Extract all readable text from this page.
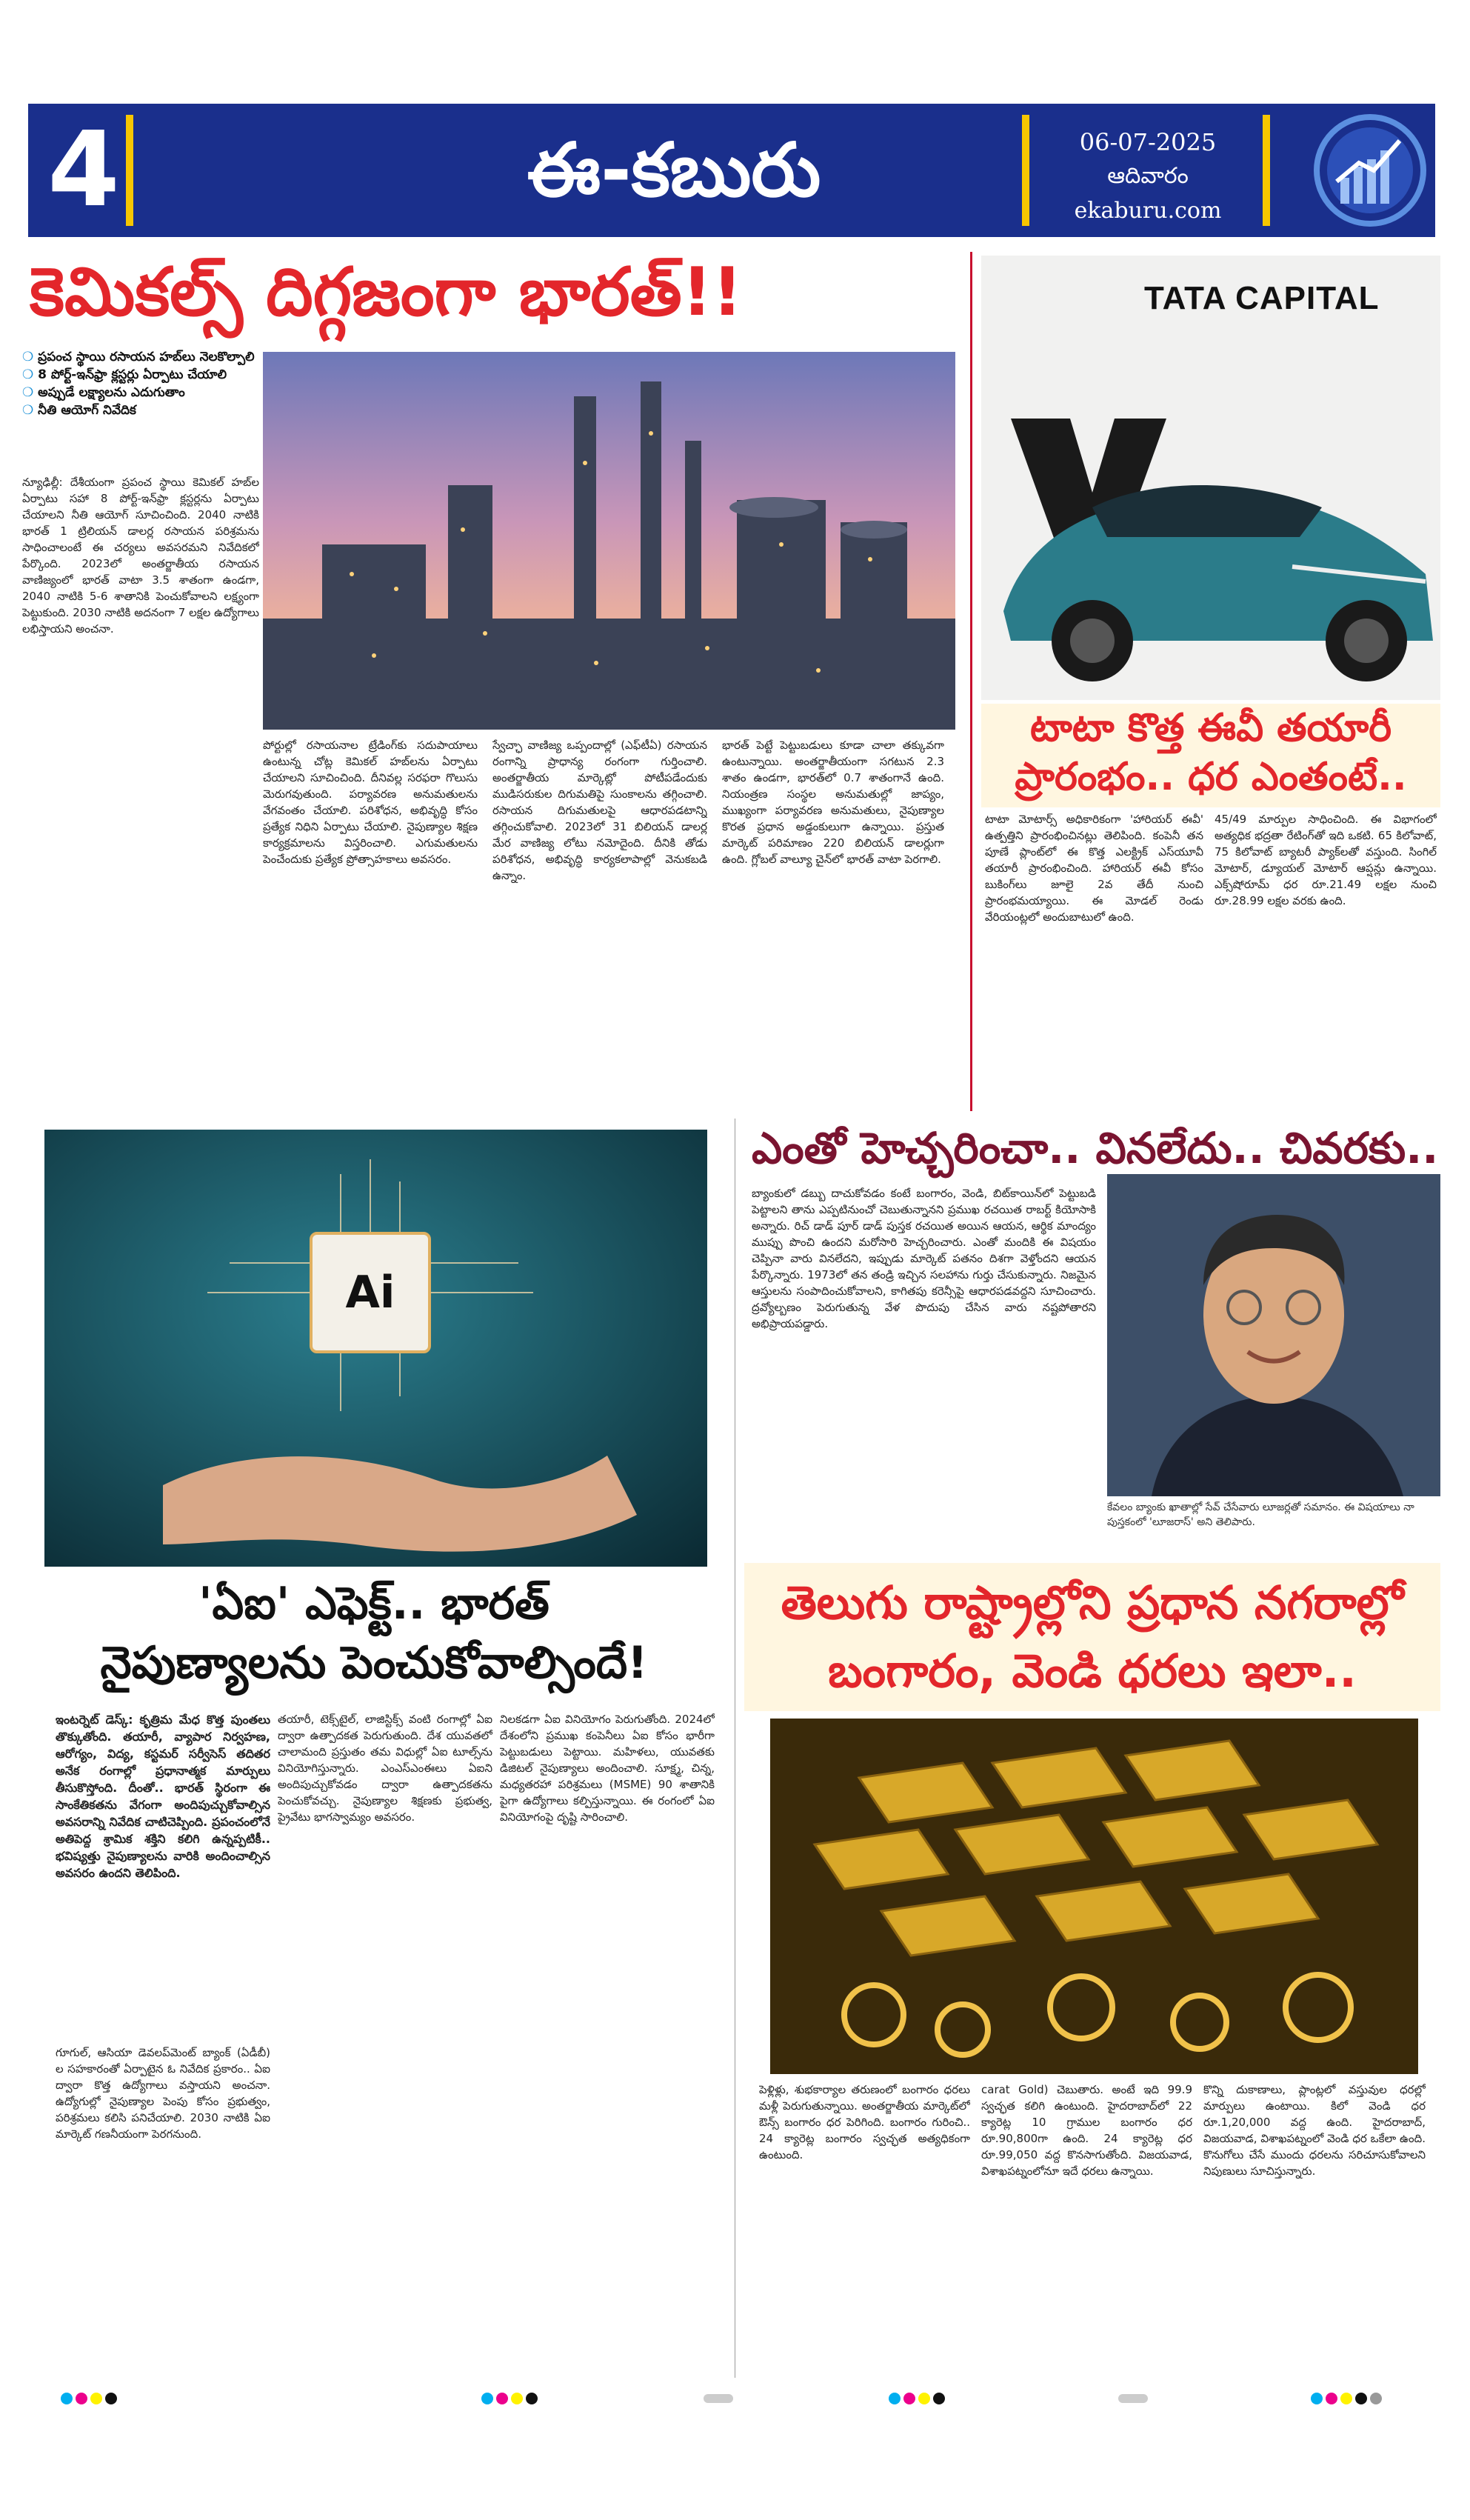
4	ఈ-కబురు	06-07-2025
ఆదివారం
ekaburu.com
కెమికల్స్ దిగ్గజంగా భారత్!!
❍ ప్రపంచ స్థాయి రసాయన హబ్‌లు నెలకొల్పాలి
❍ 8 పోర్ట్-ఇన్‌ఫ్రా క్లస్టర్లు ఏర్పాటు చేయాలి
❍ అప్పుడే లక్ష్యాలను ఎదుగుతాం
❍ నీతి ఆయోగ్ నివేదిక
న్యూఢిల్లీ: దేశీయంగా ప్రపంచ స్థాయి కెమికల్ హబ్‌ల ఏర్పాటు సహా 8 పోర్ట్-ఇన్‌ఫ్రా క్లస్టర్లను ఏర్పాటు చేయాలని నీతి ఆయోగ్ సూచించింది. 2040 నాటికి భారత్ 1 ట్రిలియన్ డాలర్ల రసాయన పరిశ్రమను సాధించాలంటే ఈ చర్యలు అవసరమని నివేదికలో పేర్కొంది. 2023లో అంతర్జాతీయ రసాయన వాణిజ్యంలో భారత్ వాటా 3.5 శాతంగా ఉండగా, 2040 నాటికి 5-6 శాతానికి పెంచుకోవాలని లక్ష్యంగా పెట్టుకుంది. 2030 నాటికి అదనంగా 7 లక్షల ఉద్యోగాలు లభిస్తాయని అంచనా.
పోర్టుల్లో రసాయనాల ట్రేడింగ్‌కు సదుపాయాలు ఉంటున్న చోట్ల కెమికల్ హబ్‌లను ఏర్పాటు చేయాలని సూచించింది. దీనివల్ల సరఫరా గొలుసు మెరుగవుతుంది. పర్యావరణ అనుమతులను వేగవంతం చేయాలి. పరిశోధన, అభివృద్ధి కోసం ప్రత్యేక నిధిని ఏర్పాటు చేయాలి. నైపుణ్యాల శిక్షణ కార్యక్రమాలను విస్తరించాలి. ఎగుమతులను పెంచేందుకు ప్రత్యేక ప్రోత్సాహకాలు అవసరం.
స్వేచ్ఛా వాణిజ్య ఒప్పందాల్లో (ఎఫ్‌టీఏ) రసాయన రంగాన్ని ప్రాధాన్య రంగంగా గుర్తించాలి. అంతర్జాతీయ మార్కెట్లో పోటీపడేందుకు ముడిసరుకుల దిగుమతిపై సుంకాలను తగ్గించాలి. రసాయన దిగుమతులపై ఆధారపడటాన్ని తగ్గించుకోవాలి. 2023లో 31 బిలియన్ డాలర్ల మేర వాణిజ్య లోటు నమోదైంది. దీనికి తోడు పరిశోధన, అభివృద్ధి కార్యకలాపాల్లో వెనుకబడి ఉన్నాం.
భారత్ పెట్టే పెట్టుబడులు కూడా చాలా తక్కువగా ఉంటున్నాయి. అంతర్జాతీయంగా సగటున 2.3 శాతం ఉండగా, భారత్‌లో 0.7 శాతంగానే ఉంది. నియంత్రణ సంస్థల అనుమతుల్లో జాప్యం, ముఖ్యంగా పర్యావరణ అనుమతులు, నైపుణ్యాల కొరత ప్రధాన అడ్డంకులుగా ఉన్నాయి. ప్రస్తుత మార్కెట్ పరిమాణం 220 బిలియన్ డాలర్లుగా ఉంది. గ్లోబల్ వాల్యూ చైన్‌లో భారత్ వాటా పెరగాలి.
TATA CAPITAL
టాటా కొత్త ఈవీ తయారీ
ప్రారంభం.. ధర ఎంతంటే..
టాటా మోటార్స్ అధికారికంగా 'హారియర్ ఈవీ' ఉత్పత్తిని ప్రారంభించినట్లు తెలిపింది. కంపెనీ తన పూణే ప్లాంట్‌లో ఈ కొత్త ఎలక్ట్రిక్ ఎస్‌యూవీ తయారీ ప్రారంభించింది. హారియర్ ఈవీ కోసం బుకింగ్‌లు జూలై 2వ తేదీ నుంచి ప్రారంభమయ్యాయి. ఈ మోడల్ రెండు వేరియంట్లలో అందుబాటులో ఉంది.
45/49 మార్పుల సాధించింది. ఈ విభాగంలో అత్యధిక భద్రతా రేటింగ్‌తో ఇది ఒకటి. 65 కిలోవాట్, 75 కిలోవాట్ బ్యాటరీ ప్యాక్‌లతో వస్తుంది. సింగిల్ మోటార్, డ్యూయల్ మోటార్ ఆప్షన్లు ఉన్నాయి. ఎక్స్‌షోరూమ్ ధర రూ.21.49 లక్షల నుంచి రూ.28.99 లక్షల వరకు ఉంది.
ఎంతో హెచ్చరించా.. వినలేదు.. చివరకు..
బ్యాంకులో డబ్బు దాచుకోవడం కంటే బంగారం, వెండి, బిట్‌కాయిన్‌లో పెట్టుబడి పెట్టాలని తాను ఎప్పటినుంచో చెబుతున్నానని ప్రముఖ రచయిత రాబర్ట్ కియోసాకి అన్నారు. రిచ్ డాడ్ పూర్ డాడ్ పుస్తక రచయిత అయిన ఆయన, ఆర్థిక మాంద్యం ముప్పు పొంచి ఉందని మరోసారి హెచ్చరించారు. ఎంతో మందికి ఈ విషయం చెప్పినా వారు వినలేదని, ఇప్పుడు మార్కెట్ పతనం దిశగా వెళ్తోందని ఆయన పేర్కొన్నారు. 1973లో తన తండ్రి ఇచ్చిన సలహాను గుర్తు చేసుకున్నారు. నిజమైన ఆస్తులను సంపాదించుకోవాలని, కాగితపు కరెన్సీపై ఆధారపడవద్దని సూచించారు. ద్రవ్యోల్బణం పెరుగుతున్న వేళ పొదుపు చేసిన వారు నష్టపోతారని అభిప్రాయపడ్డారు.
కేవలం బ్యాంకు ఖాతాల్లో సేవ్ చేసేవారు లూజర్లతో సమానం. ఈ విషయాలు నా పుస్తకంలో 'లూజరాస్' అని తెలిపారు.
Ai
'ఏఐ' ఎఫెక్ట్.. భారత్
నైపుణ్యాలను పెంచుకోవాల్సిందే!
ఇంటర్నెట్ డెస్క్: కృత్రిమ మేధ కొత్త పుంతలు తొక్కుతోంది. తయారీ, వ్యాపార నిర్వహణ, ఆరోగ్యం, విద్య, కస్టమర్ సర్వీసెస్ తదితర అనేక రంగాల్లో ప్రధానాత్మక మార్పులు తీసుకొస్తోంది. దీంతో.. భారత్ స్థిరంగా ఈ సాంకేతికతను వేగంగా అందిపుచ్చుకోవాల్సిన అవసరాన్ని నివేదిక చాటిచెప్పింది. ప్రపంచంలోనే అతిపెద్ద శ్రామిక శక్తిని కలిగి ఉన్నప్పటికీ.. భవిష్యత్తు నైపుణ్యాలను వారికి అందించాల్సిన అవసరం ఉందని తెలిపింది.
గూగుల్, ఆసియా డెవలప్‌మెంట్ బ్యాంక్ (ఏడీబీ) ల సహకారంతో ఏర్పాటైన ఓ నివేదిక ప్రకారం.. ఏఐ ద్వారా కొత్త ఉద్యోగాలు వస్తాయని అంచనా. ఉద్యోగుల్లో నైపుణ్యాల పెంపు కోసం ప్రభుత్వం, పరిశ్రమలు కలిసి పనిచేయాలి. 2030 నాటికి ఏఐ మార్కెట్ గణనీయంగా పెరగనుంది.
తయారీ, టెక్స్‌టైల్, లాజిస్టిక్స్ వంటి రంగాల్లో ఏఐ ద్వారా ఉత్పాదకత పెరుగుతుంది. దేశ యువతలో చాలామంది ప్రస్తుతం తమ విధుల్లో ఏఐ టూల్స్‌ను వినియోగిస్తున్నారు. ఎంఎస్‌ఎంఈలు ఏఐని అందిపుచ్చుకోవడం ద్వారా ఉత్పాదకతను పెంచుకోవచ్చు. నైపుణ్యాల శిక్షణకు ప్రభుత్వ, ప్రైవేటు భాగస్వామ్యం అవసరం.
నిలకడగా ఏఐ వినియోగం పెరుగుతోంది. 2024లో దేశంలోని ప్రముఖ కంపెనీలు ఏఐ కోసం భారీగా పెట్టుబడులు పెట్టాయి. మహిళలు, యువతకు డిజిటల్ నైపుణ్యాలు అందించాలి. సూక్ష్మ, చిన్న, మధ్యతరహా పరిశ్రమలు (MSME) 90 శాతానికి పైగా ఉద్యోగాలు కల్పిస్తున్నాయి. ఈ రంగంలో ఏఐ వినియోగంపై దృష్టి సారించాలి.
తెలుగు రాష్ట్రాల్లోని ప్రధాన నగరాల్లో
బంగారం, వెండి ధరలు ఇలా..
పెళ్లిళ్లు, శుభకార్యాల తరుణంలో బంగారం ధరలు మళ్లీ పెరుగుతున్నాయి. అంతర్జాతీయ మార్కెట్‌లో ఔన్స్ బంగారం ధర పెరిగింది. బంగారం గురించి.. 24 క్యారెట్ల బంగారం స్వచ్ఛత అత్యధికంగా ఉంటుంది.
carat Gold) చెబుతారు. అంటే ఇది 99.9 స్వచ్ఛత కలిగి ఉంటుంది. హైదరాబాద్‌లో 22 క్యారెట్ల 10 గ్రాముల బంగారం ధర రూ.90,800గా ఉంది. 24 క్యారెట్ల ధర రూ.99,050 వద్ద కొనసాగుతోంది. విజయవాడ, విశాఖపట్నంలోనూ ఇదే ధరలు ఉన్నాయి.
కొన్ని దుకాణాలు, ప్లాంట్లలో వస్తువుల ధరల్లో మార్పులు ఉంటాయి. కిలో వెండి ధర రూ.1,20,000 వద్ద ఉంది. హైదరాబాద్, విజయవాడ, విశాఖపట్నంలో వెండి ధర ఒకేలా ఉంది. కొనుగోలు చేసే ముందు ధరలను సరిచూసుకోవాలని నిపుణులు సూచిస్తున్నారు.
